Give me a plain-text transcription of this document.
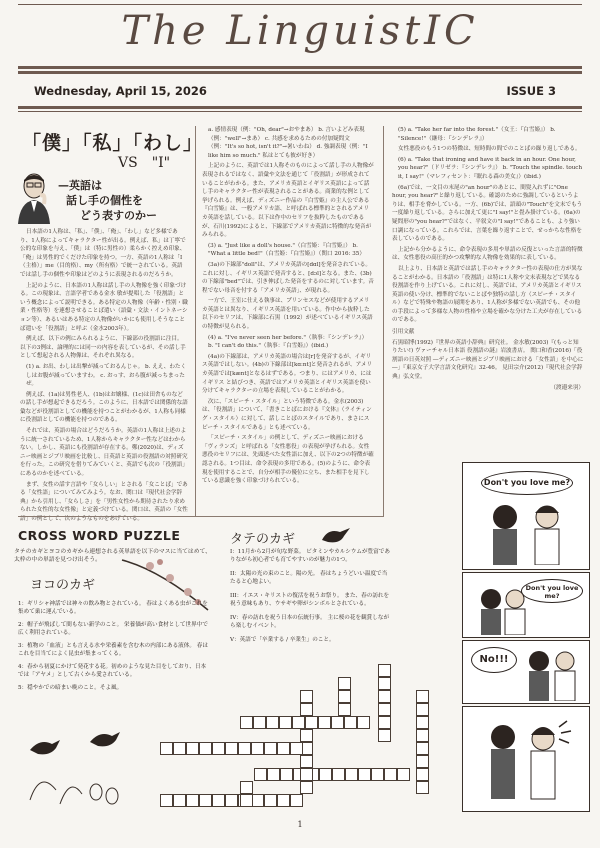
The LinguistIC
Wednesday, April 15, 2026	ISSUE 3
「僕」「私」「わし」
VS　"I"
—英語は
話し手の個性を
どう表すのかー

日本語の1人称は、「私」、「僕」、「俺」、「わし」など多様であり、1人称によってキャラクター性が出る。例えば、私」は丁寧で公的な印象を与え、「僕」は（特に男性の）柔らかく控えめ印象、「俺」は男性的でくだけた印象を持つ。一方、英語の1人称は「I（主格）」me（目的格）、my（所有格）で統一されている。英語では話し手の個性や印象はどのように表現されるのだろうか。

上記のように、日本語の1人称は話し手の人物像を強く印象づける。この現象は、言語学者である金水 敏が提唱した「役割語」という概念によって説明できる。ある特定の人物像（年齢・性別・職業・性格等）を連想させることば遣い（語彙・文法・イントネーション等）、あるいはある特定の人物像がいかにも使用しそうなことば遣いを「役割語」と呼ぶ（金水2003年）。

例えば、以下の例にみられるように、下線部の役割語に注目。以下の3例は、論理的には同一の内容を表しているが、その話し手として想起される人物像は、それぞれ異なる。

(1) a. お出、わしは出撃が減っておるんじゃ。 b. ええ、わたくしはお腹が減っていますわ。 c. おっす、おら腹が減っちまったぜ。

例えば、(1a)は男性老人、(1b)はお嬢様、(1c)は田舎ものなどの話し手が想起できるだろう。このように、日本語では関係的な語彙などが役割語としての機能を持つことがわかるが、1人称も同様に役割語としての機能を持つのである。

それでは、英語の場合はどうだろうか。英語の1人称は上述のように統一されているため、1人称からキャラクター性などはわからない。しかし、英語にも役割語が存在する。鄭(2020)は、ディズニー映画とジブリ映画を比較し、日英語と英語の役割語の対照研究を行った。この研究を借りてみていくと、英語でも次の「役割語」にあるのかを述べている。

まず、女性の話す言語や「女らしい」とされる「女ことば」である「女性語」についてみてみよう。なお、関口は『現代社会学辞典』から引用し、「女らしさ」を「男性女性から期待されたり求められた女性的な女性像」と定義づけている。関口は、英語の「女性語」の例として、次のようなものをあげている。

a. 感情表現（例："Oh, dear"→おやまあ） b. 言いよどみ表現（例："well"→まあ） c. 共感を求めるための付加疑問文 （例："It's so hot, isn't it?"→暑いわね） d. 強調表現（例："I like him so much." 私はとても彼が好き）

上記のように、英語では1人称そのものによって話し手の人物像が表現されるではなく、語彙や文法を通じて「役割語」が形成されていることがわかる。また、アメリカ英語とイギリス英語によって話し手のキャラクター性が表現されることがある。商業的な例として挙げられる。例えば、ディズニー作品の『白雪姫』の主人公である『白雪姫』は、一般アメリカ語、と呼ばれる標準的とされるアメリカ英語を話している。以下は作中のセリフを抜粋したものであるが、石川(1992)によると、下線部でアメリカ英語に特徴的な発音がみられる。

(3) a. "Just like a doll's house."（白雪姫：『白雪姫』） b. "What a little bed!"（白雪姫：『白雪姫』）（関口 2016: 35）

(3a)の下線部"doll"は、アメリカ英語の[dɑl]を発音されている。これに対し、イギリス英語で発音すると、[dɔl]となる。また、(3b)の下線部"bed"では、引き伸ばした発音をするのに対しています。音程でない母音を付する「アメリカ英語」、が現れる。

一方で、王室に仕える執事は、プリンセスなどが使用するアメリカ英語とは異なり、イギリス英語を用いている。作中から抜粋した以下のセリフは、下線部に石黒（1992）が述べているイギリス英語の特徴が見られる。

(4) a. "I've never seen her before."（執事：『シンデレラ』） b. "I can't do this."（執事：『白雪姫』）(ibid.)

(4a)の下線部は、アメリカ英語の場合は[r]を発音するが、イギリス英語ではしない。(4b)の下線部は[kɑ:nt]と発音されるが、アメリカ英語では[kænt]となるはずである。つまり、にはアメリカ、にはイギリス と結びつき、英語ではアメリカ英語とイギリス英語を使い分けてキャラクターの立場を表現していることがわかる。

次に、「スピーチ・スタイル」という特徴である。金水(2003)は、「役割語」について、「書きことばにおける『文体』（ライティング・スタイル）に対して、話しことばのスタイルであり、まさにスピーチ・スタイルである」とも述べている。

「スピーチ・スタイル」の例として、ディズニー映画における「ヴィランズ」と呼ばれる「女性悪役」の表現が挙げられる。女性悪役のセリフには、先頭述べた女性語に加え、以下の2つの特徴が確認される。1つ目は、命令表現の多用である。(5)のように、命令表現を使用することで、自分が相手の優位に立ち、また相手を見下している意識を強く印象づけられている。

(5) a. "Take her far into the forest."（女王：『白雪姫』） b. "Silence!"（継母：『シンデレラ』）

女性悪役のもう1つの特徴は、短時間の間でのことばの繰り返しである。

(6) a. "Take that ironing and have it back in an hour. One hour, you hear?"（ドリゼラ：『シンデレラ』） b. "Touch the spindle. touch it, I say!"（マレフィセント：『眠れる森の美女』）(ibid.)

(6a)では、一文目の末尾の"an hour"のあとに、間髪入れずに"One hour, you hear?"と繰り返している。確認のために強調しているというよりは、相手を脅かしている。一方、(6b)では、語頭の"Touch"を文末でもう一度繰り返している。さらに加えて更に"I say!"と畳み掛けている。(6a)の疑問形の"you hear?"ではなく、平叙文の"I say!"であることも、より強い口調になっている。これらでは、言葉を繰り返すことで、せっかちな性格を表しているのである。

上記から分かるように、命令表現の多用や単語の反復といった言語的特徴は、女性悪役の高圧的かつ攻撃的な人物像を効果的に表している。

以上より、日本語と英語では話し手のキャラクター性の表現の仕方が異なることがわかる。日本語の「役割語」は特に1人称や文末表現などで異なる役割語を作り上げている。これに対し、英語では、アメリカ英語とイギリス英語の使い分け、標準的でないことばや独特の話し方（スピーチ・スタイル）などで特殊や物語の展開をあり、1人称が多様でない英語でも、その他の手段によって多様な人物の性格や立場を確かな分けた工夫が存在しているのである。

引用文献

石黒昭博(1992)『世界の英語小辞典』研究社。 金水敏(2003)『(もっと知りたい!) ヴァーチャル日本語 役割語の謎』岩波書店。 関口和香(2016)「役割語の日英対照 ―ディズニー映画とジブリ映画における「女性語」を中心に―」『東京女子大学言語文化研究』32-46。 見田宗介(2012)『現代社会学辞典』弘文堂。

（渡邉来羽）

CROSS WORD PUZZLE
タテのカギとヨコのカギから連想される英単語を以下のマスに当てはめて、太枠の中の単語を見つけ出そう。
ヨコのカギ
タテのカギ
1：ギリシャ神話では神々の飲み物とされている。 春はよくある虫がこれを集めて巣に運んでいる。
2：帽子が飛ばして間もない新学のこと。 栄養価が高い食材として世界中で広く利用されている。
3：植物の「血液」とも言える水や栄養素を含む木の内部にある液体。 春はこれを目当てによく昆虫が集まってくる。
4：春から初夏にかけて発花する花。初めのような見た目をしており、日本では「アヤメ」として古くから愛されている。
5：穏やかでの暗まい晩のこと。そよ風。
I：11月から2月が旬な野菜。 ビタミンやカルシウムが豊富でありながら初心者でも育てやすいのが魅力の1つ。
II：太陽の光の束のこと。陽の光。 春はちょうどいい温度で当たると心地よい。
III：イエス・キリストの復活を祝うお祭り。 また、春の訪れを祝う意味もあり、ウサギや卵がシンボルとされている。
IV：春の訪れを祝う日本の伝統行事。 主に桜の花を観賞しながら楽しむイベント。
V：英語で「卒業する / 卒業生」のこと。
Don't you love me?
Don't you love me?
No!!!
1
